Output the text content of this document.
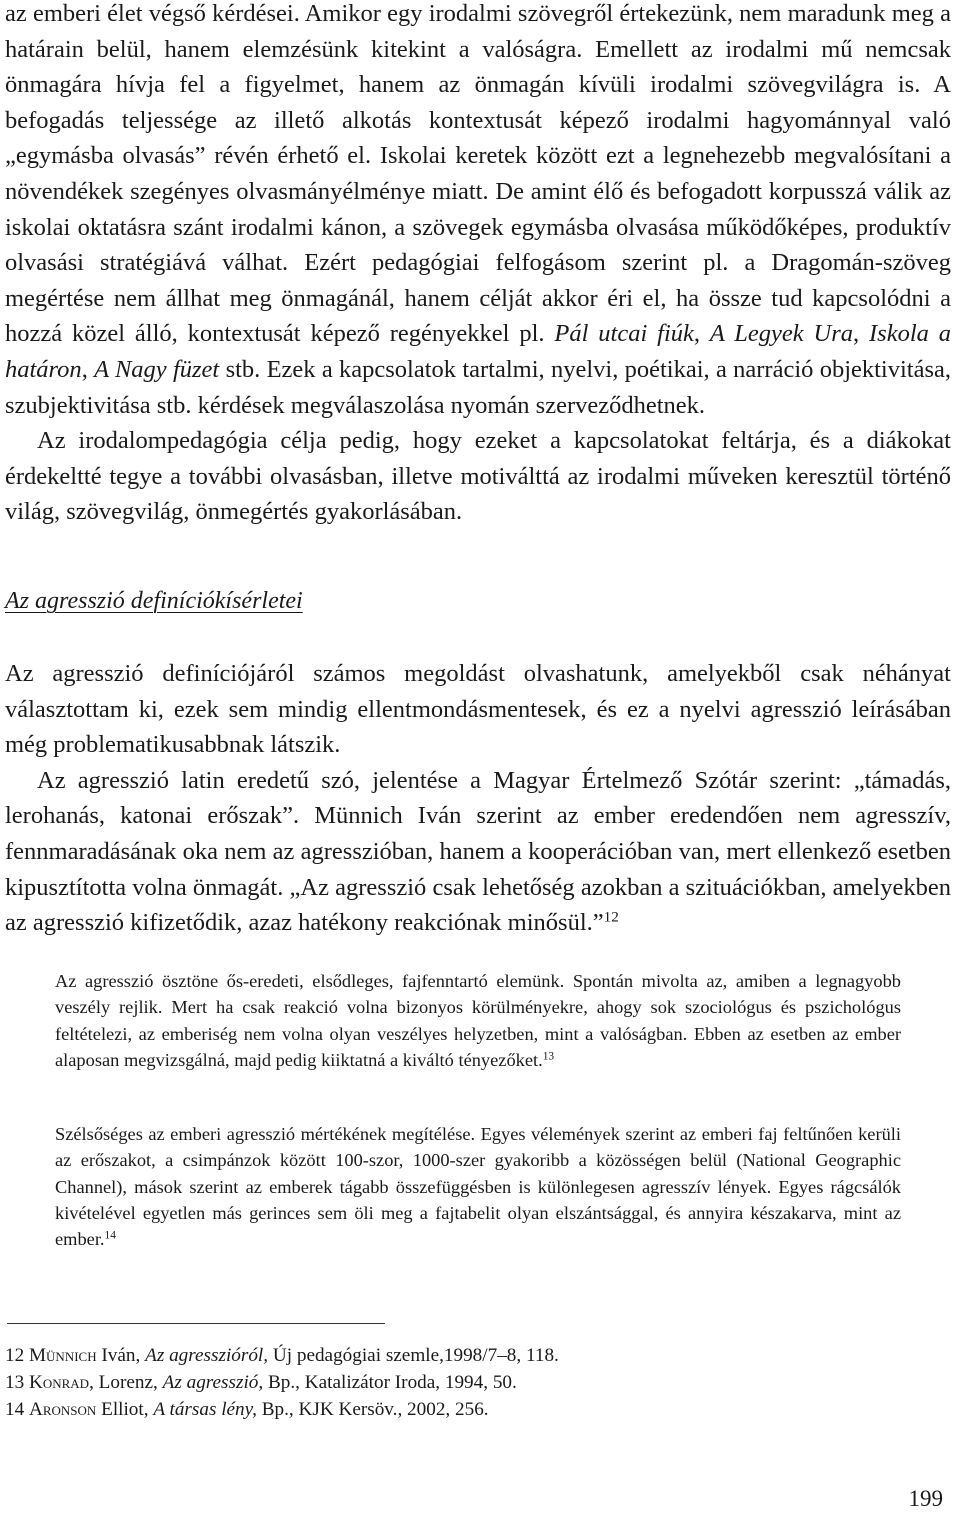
az emberi élet végső kérdései. Amikor egy irodalmi szövegről értekezünk, nem maradunk meg a határain belül, hanem elemzésünk kitekint a valóságra. Emellett az irodalmi mű nemcsak önmagára hívja fel a figyelmet, hanem az önmagán kívüli irodalmi szövegvilágra is. A befogadás teljessége az illető alkotás kontextusát képező irodalmi hagyománnyal való „egymásba olvasás” révén érhető el. Iskolai keretek között ezt a legnehezebb megvalósítani a növendékek szegényes olvasmányélménye miatt. De amint élő és befogadott korpusszá válik az iskolai oktatásra szánt irodalmi kánon, a szövegek egymásba olvasása működőképes, produktív olvasási stratégiává válhat. Ezért pedagógiai felfogásom szerint pl. a Dragomán-szöveg megértése nem állhat meg önmagánál, hanem célját akkor éri el, ha össze tud kapcsolódni a hozzá közel álló, kontextusát képező regényekkel pl. Pál utcai fiúk, A Legyek Ura, Iskola a határon, A Nagy füzet stb. Ezek a kapcsolatok tartalmi, nyelvi, poétikai, a narráció objektivitása, szubjektivitása stb. kérdések megválaszolása nyomán szerveződhetnek.

Az irodalompedagógia célja pedig, hogy ezeket a kapcsolatokat feltárja, és a diákokat érdekeltté tegye a további olvasásban, illetve motiválttá az irodalmi műveken keresztül történő világ, szövegvilág, önmegértés gyakorlásában.

Az agresszió definíciókísérletei

Az agresszió definíciójáról számos megoldást olvashatunk, amelyekből csak néhányat választottam ki, ezek sem mindig ellentmondásmentesek, és ez a nyelvi agresszió leírásában még problematikusabbnak látszik.

Az agresszió latin eredetű szó, jelentése a Magyar Értelmező Szótár szerint: „támadás, lerohanás, katonai erőszak”. Münnich Iván szerint az ember eredendően nem agresszív, fennmaradásának oka nem az agresszióban, hanem a kooperációban van, mert ellenkező esetben kipusztította volna önmagát. „Az agresszió csak lehetőség azokban a szituációkban, amelyekben az agresszió kifizetődik, azaz hatékony reakciónak minősül.”$^{12}$

Az agresszió ösztöne ős-eredeti, elsődleges, fajfenntartó elemünk. Spontán mivolta az, amiben a legnagyobb veszély rejlik. Mert ha csak reakció volna bizonyos körülményekre, ahogy sok szociológus és pszichológus feltételezi, az emberiség nem volna olyan veszélyes helyzetben, mint a valóságban. Ebben az esetben az ember alaposan megvizsgálná, majd pedig kiiktatná a kiváltó tényezőket.$^{13}$

Szélsőséges az emberi agresszió mértékének megítélése. Egyes vélemények szerint az emberi faj feltűnően kerüli az erőszakot, a csimpánzok között 100-szor, 1000-szer gyakoribb a közösségen belül (National Geographic Channel), mások szerint az emberek tágabb összefüggésben is különlegesen agresszív lények. Egyes rágcsálók kivételével egyetlen más gerinces sem öli meg a fajtabelit olyan elszántsággal, és annyira készakarva, mint az ember.$^{14}$

12 Münnich Iván, Az agresszióról, Új pedagógiai szemle,1998/7–8, 118.

13 Konrad, Lorenz, Az agresszió, Bp., Katalizátor Iroda, 1994, 50.

14 Aronson Elliot, A társas lény, Bp., KJK Kersöv., 2002, 256.

199
